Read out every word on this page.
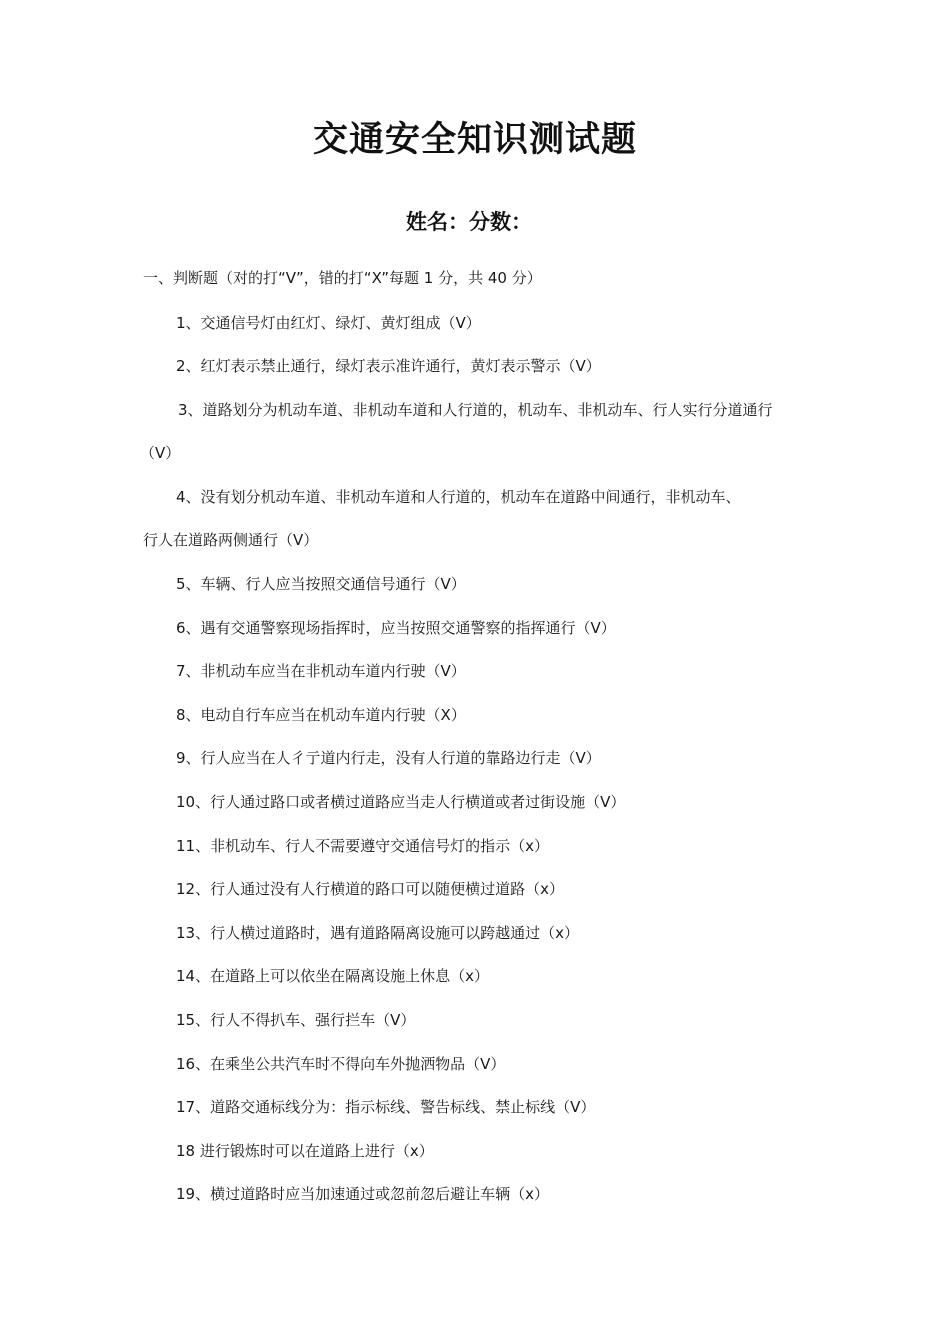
交通安全知识测试题
姓名：分数：
一、判断题（对的打“V”，错的打“X”每题 1 分，共 40 分）
1、交通信号灯由红灯、绿灯、黄灯组成（V）
2、红灯表示禁止通行，绿灯表示准许通行，黄灯表示警示（V）
3、道路划分为机动车道、非机动车道和人行道的，机动车、非机动车、行人实行分道通行
（V）
4、没有划分机动车道、非机动车道和人行道的，机动车在道路中间通行，非机动车、
行人在道路两侧通行（V）
5、车辆、行人应当按照交通信号通行（V）
6、遇有交通警察现场指挥时，应当按照交通警察的指挥通行（V）
7、非机动车应当在非机动车道内行驶（V）
8、电动自行车应当在机动车道内行驶（X）
9、行人应当在人彳亍道内行走，没有人行道的靠路边行走（V）
10、行人通过路口或者横过道路应当走人行横道或者过街设施（V）
11、非机动车、行人不需要遵守交通信号灯的指示（x）
12、行人通过没有人行横道的路口可以随便横过道路（x）
13、行人横过道路时，遇有道路隔离设施可以跨越通过（x）
14、在道路上可以依坐在隔离设施上休息（x）
15、行人不得扒车、强行拦车（V）
16、在乘坐公共汽车时不得向车外抛洒物品（V）
17、道路交通标线分为：指示标线、警告标线、禁止标线（V）
18 进行锻炼时可以在道路上进行（x）
19、横过道路时应当加速通过或忽前忽后避让车辆（x）
